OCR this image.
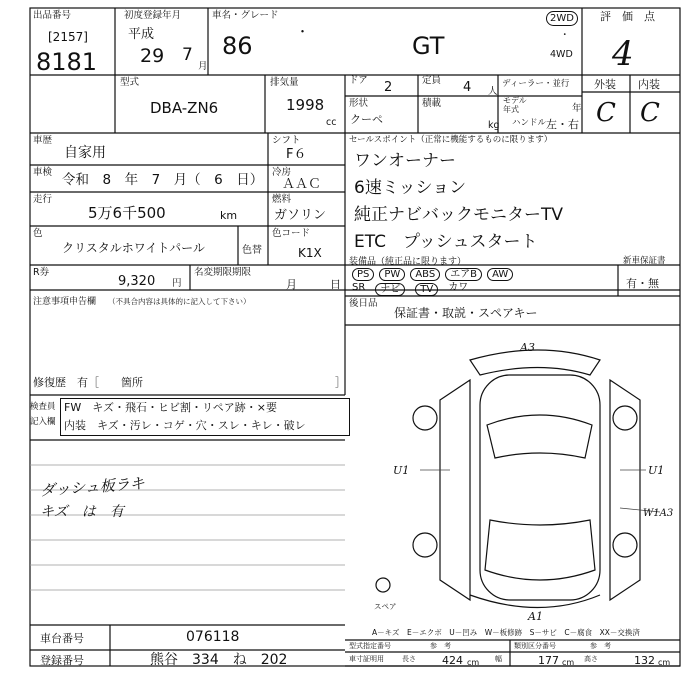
出品番号
[2157]
8181
初度登録年月
平成
29 7
月
車名・グレード
86	・	GT
2WD
・
4WD
評　価　点
4
型式
DBA-ZN6
排気量
1998
cc
ドア 2	定員 4 人
ディーラー・並行
形状
クーペ
積載
kg
モデル
年式	年
ハンドル 左・右
外装 内装
C C
車歴
自家用
車検 令和　8　年　7　月（　6　日）
走行
5万6千500	km
色
クリスタルホワイトパール	色替
R券
9,320 円
名変期限期限
月　　　日
シフト
F６
冷房
ＡＡＣ
燃料
ガソリン
色コード
K1X
セールスポイント（正常に機能するものに限ります）
ワンオーナー
6速ミッション
純正ナビバックモニターTV
ETC　プッシュスタート
装備品（純正品に限ります）
PS	PW	ABS	エアB	AW
SR	ナビ	TV	カワ
新車保証書
有・無
後日品
保証書・取説・スペアキー
注意事項申告欄 （不具合内容は具体的に記入して下さい）
修復歴　有［　　箇所	］
検査員
記入欄
FW　キズ・飛石・ヒビ割・リペア跡・×要
内装　キズ・汚レ・コゲ・穴・スレ・キレ・破レ
ダッシュ板ラキ
キズ　は　有
A3
U1	U1
A1
W1A3
スペア
A－キズ　E－エクボ　U－凹み　W－板修跡　S－サビ　C－腐食　XX－交換済
車台番号	076118
登録番号	熊谷　334　ね　202
型式指定番号	参　考	類別区分番号	参　考
車寸証明用	長さ 424 cm 幅	177 cm 高さ	132 cm
